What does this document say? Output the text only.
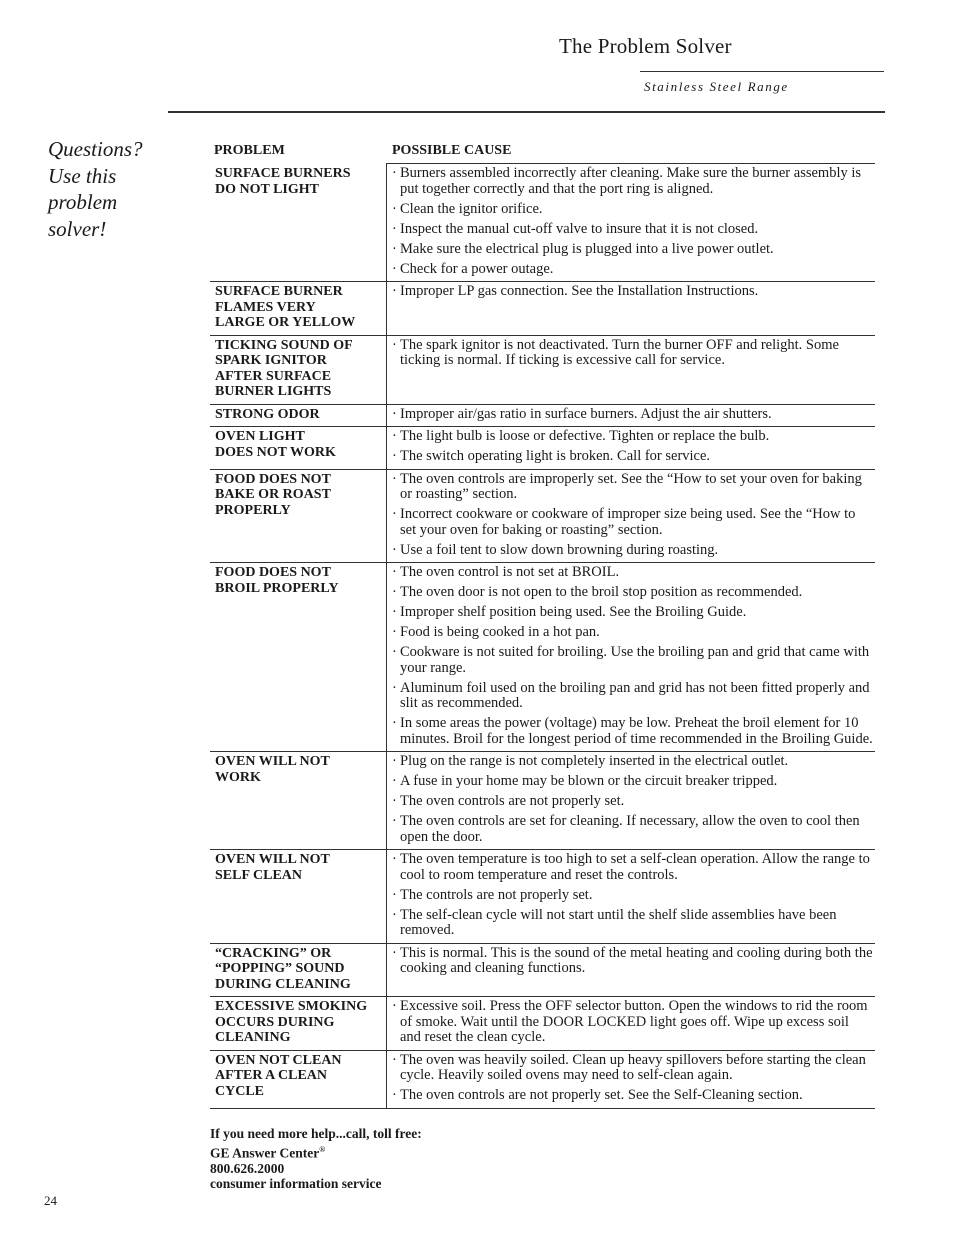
The Problem Solver
Stainless Steel Range
Questions?
Use this
problem
solver!
PROBLEM	POSSIBLE CAUSE
SURFACE BURNERS
DO NOT LIGHT
· Burners assembled incorrectly after cleaning. Make sure the burner assembly is put together correctly and that the port ring is aligned.
· Clean the ignitor orifice.
· Inspect the manual cut-off valve to insure that it is not closed.
· Make sure the electrical plug is plugged into a live power outlet.
· Check for a power outage.
SURFACE BURNER
FLAMES VERY
LARGE OR YELLOW
· Improper LP gas connection. See the Installation Instructions.
TICKING SOUND OF
SPARK IGNITOR
AFTER SURFACE
BURNER LIGHTS
· The spark ignitor is not deactivated. Turn the burner OFF and relight. Some ticking is normal. If ticking is excessive call for service.
STRONG ODOR	· Improper air/gas ratio in surface burners. Adjust the air shutters.
OVEN LIGHT
DOES NOT WORK
· The light bulb is loose or defective. Tighten or replace the bulb.
· The switch operating light is broken. Call for service.
FOOD DOES NOT
BAKE OR ROAST
PROPERLY
· The oven controls are improperly set. See the “How to set your oven for baking or roasting” section.
· Incorrect cookware or cookware of improper size being used. See the “How to set your oven for baking or roasting” section.
· Use a foil tent to slow down browning during roasting.
FOOD DOES NOT
BROIL PROPERLY
· The oven control is not set at BROIL.
· The oven door is not open to the broil stop position as recommended.
· Improper shelf position being used. See the Broiling Guide.
· Food is being cooked in a hot pan.
· Cookware is not suited for broiling. Use the broiling pan and grid that came with your range.
· Aluminum foil used on the broiling pan and grid has not been fitted properly and slit as recommended.
· In some areas the power (voltage) may be low. Preheat the broil element for 10 minutes. Broil for the longest period of time recommended in the Broiling Guide.
OVEN WILL NOT
WORK
· Plug on the range is not completely inserted in the electrical outlet.
· A fuse in your home may be blown or the circuit breaker tripped.
· The oven controls are not properly set.
· The oven controls are set for cleaning. If necessary, allow the oven to cool then open the door.
OVEN WILL NOT
SELF CLEAN
· The oven temperature is too high to set a self-clean operation. Allow the range to cool to room temperature and reset the controls.
· The controls are not properly set.
· The self-clean cycle will not start until the shelf slide assemblies have been removed.
“CRACKING” OR
“POPPING” SOUND
DURING CLEANING
· This is normal. This is the sound of the metal heating and cooling during both the cooking and cleaning functions.
EXCESSIVE SMOKING
OCCURS DURING
CLEANING
· Excessive soil. Press the OFF selector button. Open the windows to rid the room of smoke. Wait until the DOOR LOCKED light goes off. Wipe up excess soil and reset the clean cycle.
OVEN NOT CLEAN
AFTER A CLEAN
CYCLE
· The oven was heavily soiled. Clean up heavy spillovers before starting the clean cycle. Heavily soiled ovens may need to self-clean again.
· The oven controls are not properly set. See the Self-Cleaning section.
If you need more help...call, toll free:
GE Answer Center®
800.626.2000
consumer information service
24
